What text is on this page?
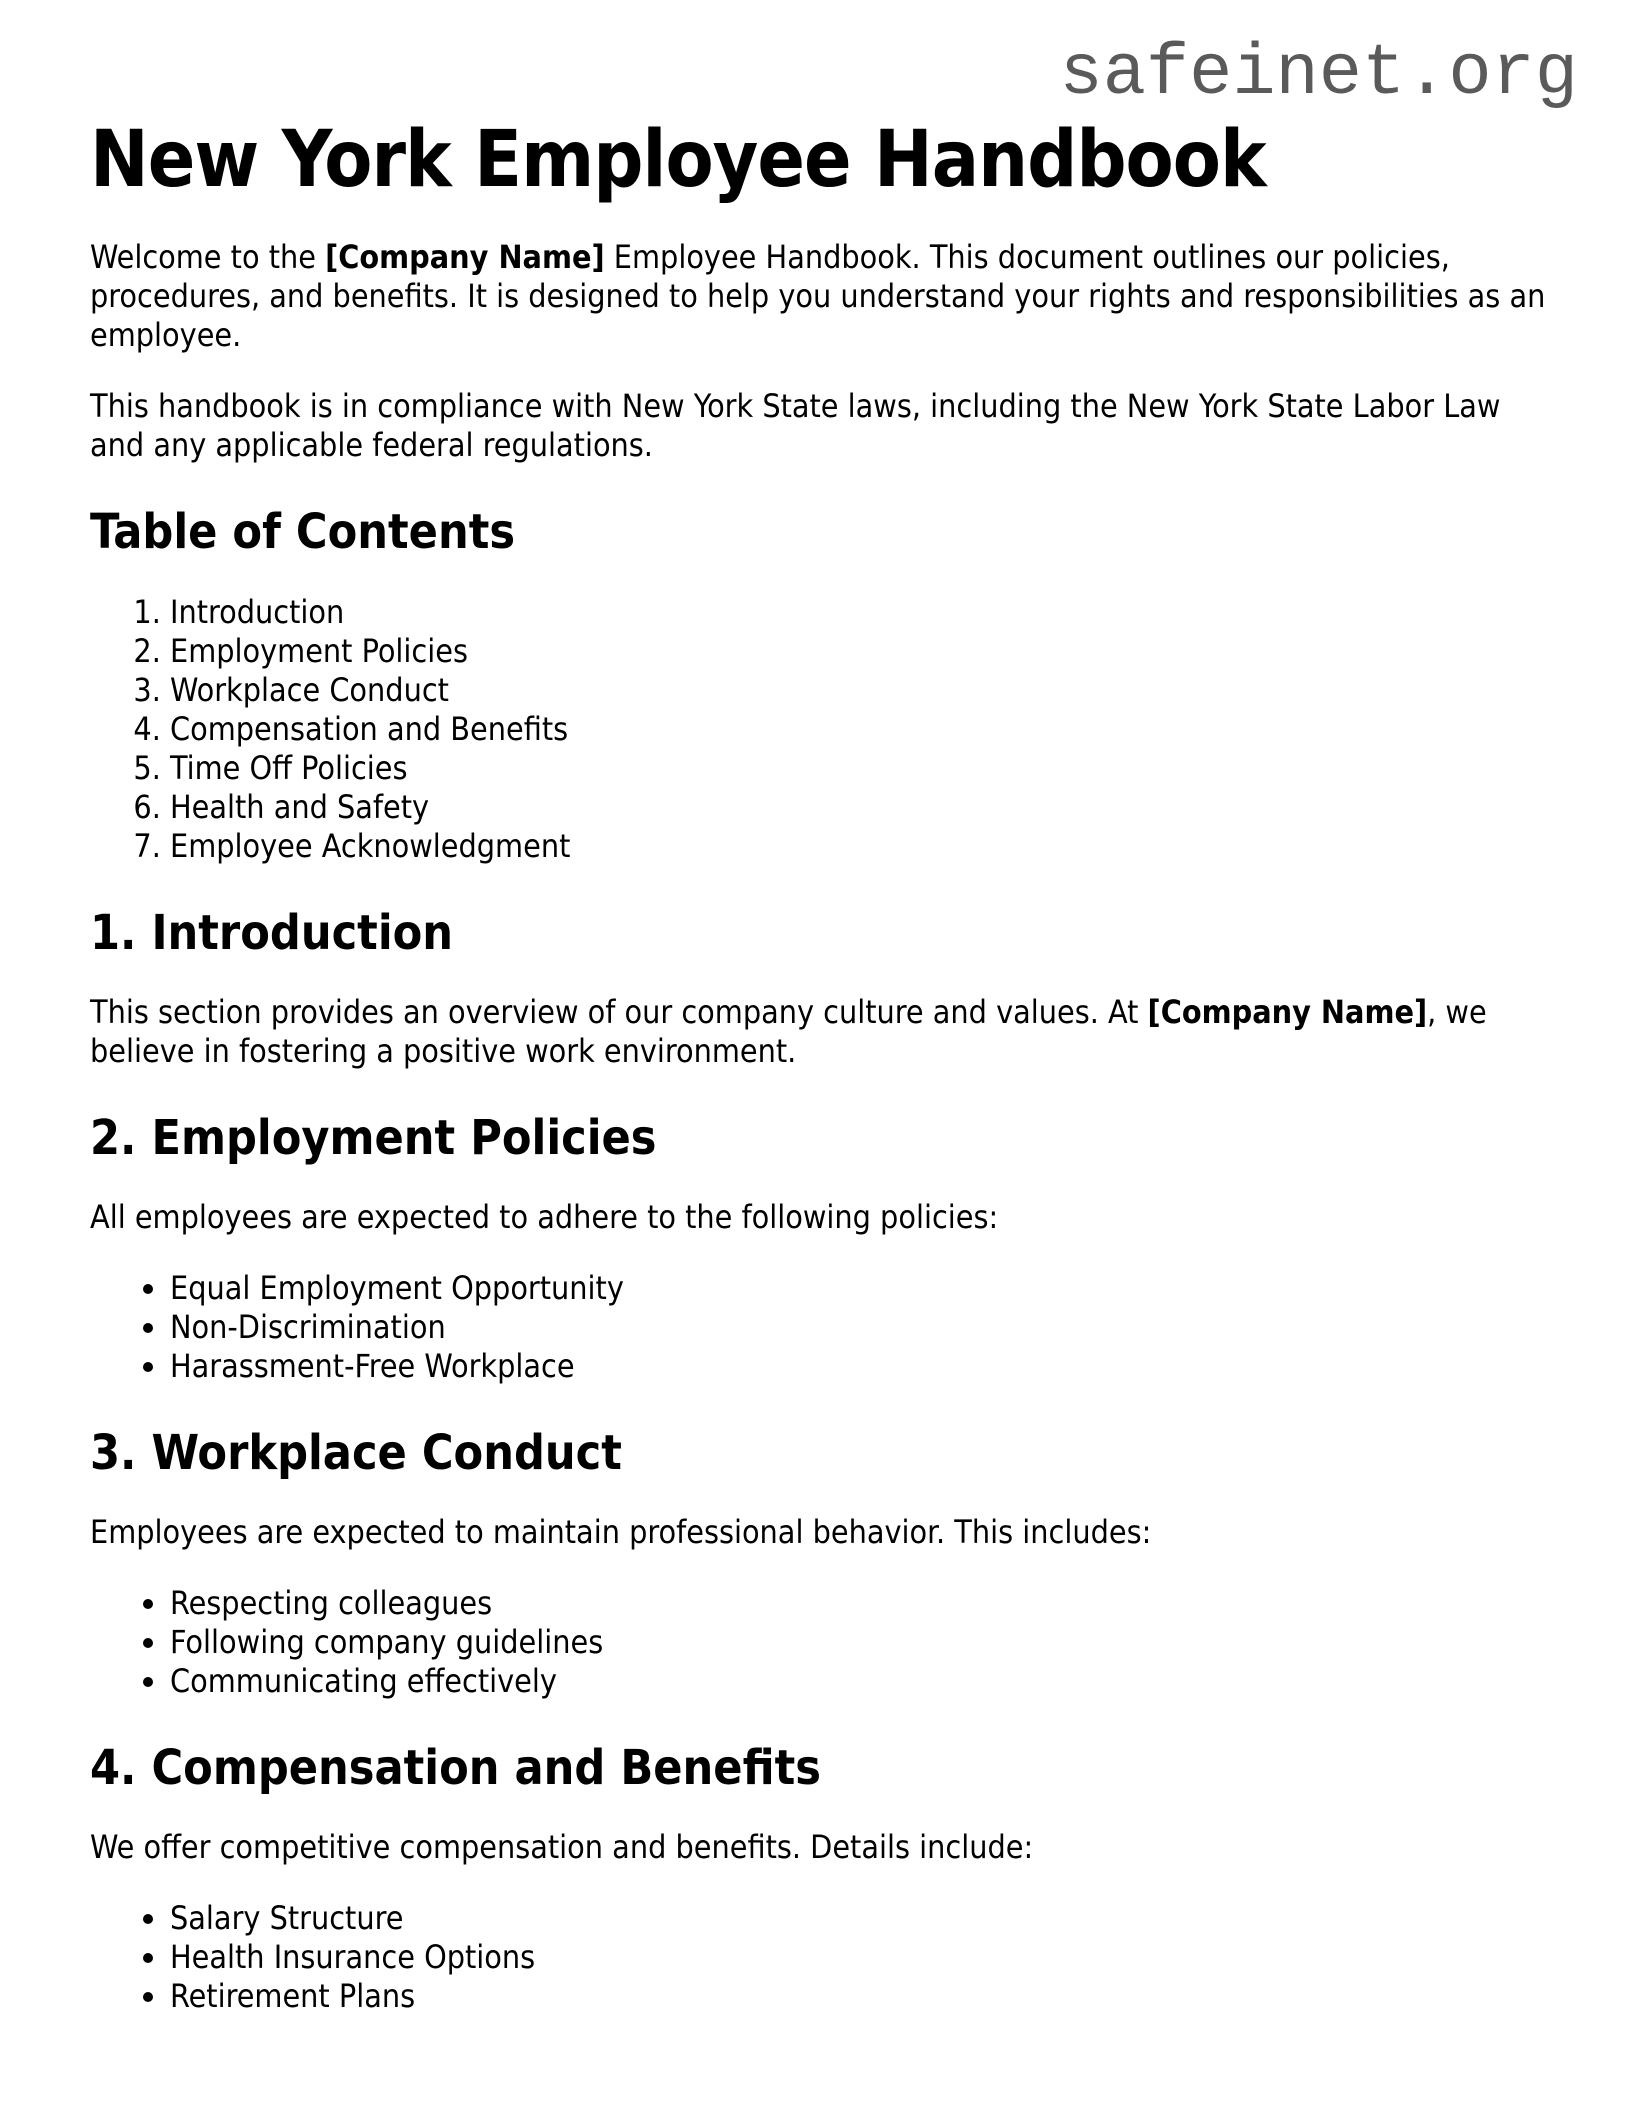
safeinet.org
New York Employee Handbook

Welcome to the [Company Name] Employee Handbook. This document outlines our policies, procedures, and benefits. It is designed to help you understand your rights and responsibilities as an employee.

This handbook is in compliance with New York State laws, including the New York State Labor Law and any applicable federal regulations.

Table of Contents
1. Introduction
2. Employment Policies
3. Workplace Conduct
4. Compensation and Benefits
5. Time Off Policies
6. Health and Safety
7. Employee Acknowledgment
1. Introduction

This section provides an overview of our company culture and values. At [Company Name], we believe in fostering a positive work environment.

2. Employment Policies

All employees are expected to adhere to the following policies:

• Equal Employment Opportunity
• Non-Discrimination
• Harassment-Free Workplace
3. Workplace Conduct

Employees are expected to maintain professional behavior. This includes:

• Respecting colleagues
• Following company guidelines
• Communicating effectively
4. Compensation and Benefits

We offer competitive compensation and benefits. Details include:

• Salary Structure
• Health Insurance Options
• Retirement Plans
